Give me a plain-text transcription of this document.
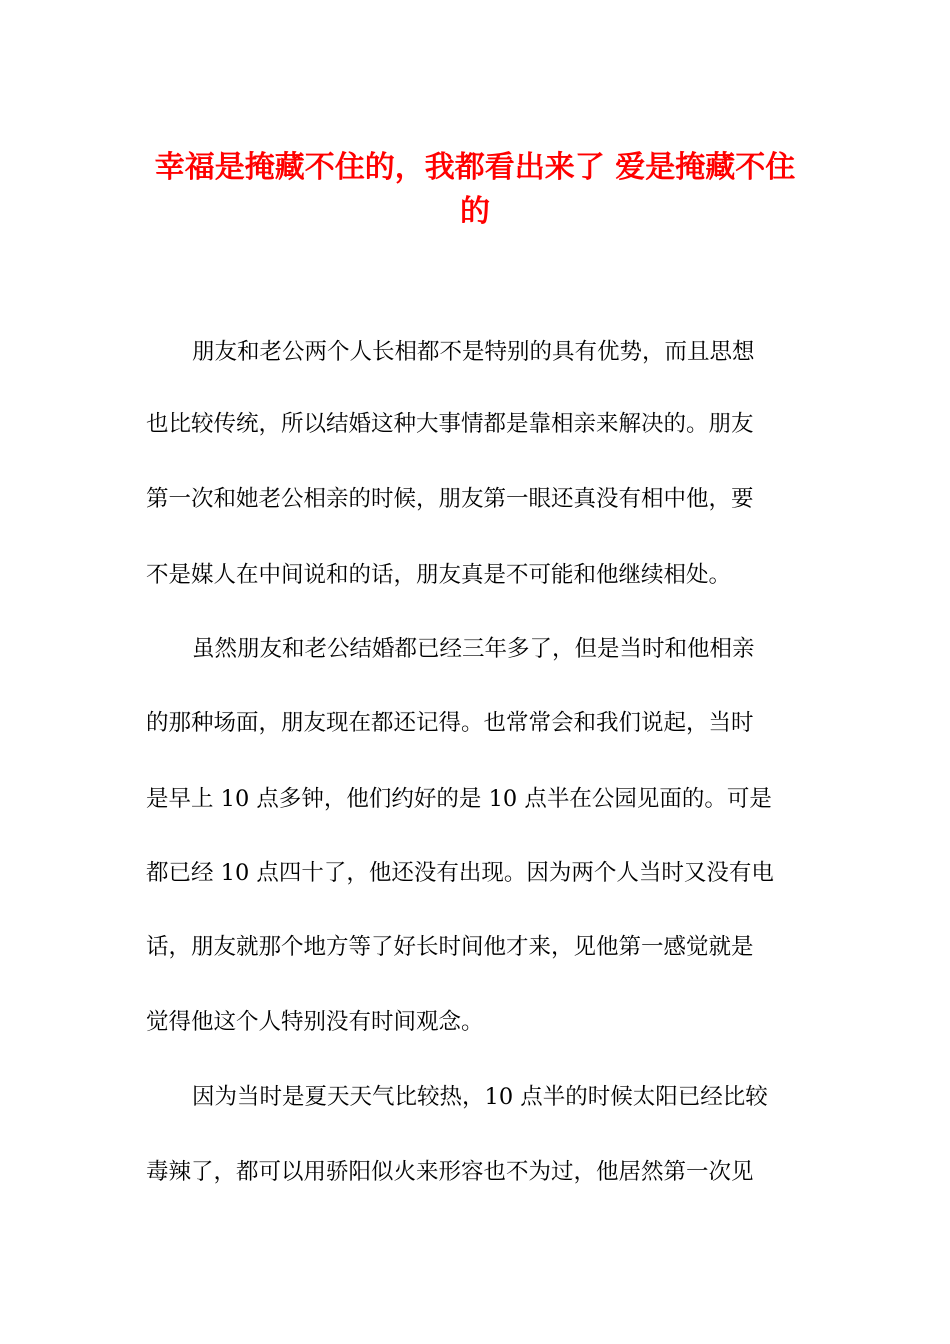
幸福是掩藏不住的，我都看出来了 爱是掩藏不住的

朋友和老公两个人长相都不是特别的具有优势，而且思想

也比较传统，所以结婚这种大事情都是靠相亲来解决的。朋友

第一次和她老公相亲的时候，朋友第一眼还真没有相中他，要

不是媒人在中间说和的话，朋友真是不可能和他继续相处。

虽然朋友和老公结婚都已经三年多了，但是当时和他相亲

的那种场面，朋友现在都还记得。也常常会和我们说起，当时

是早上 10 点多钟，他们约好的是 10 点半在公园见面的。可是

都已经 10 点四十了，他还没有出现。因为两个人当时又没有电

话，朋友就那个地方等了好长时间他才来，见他第一感觉就是

觉得他这个人特别没有时间观念。

因为当时是夏天天气比较热，10 点半的时候太阳已经比较

毒辣了，都可以用骄阳似火来形容也不为过，他居然第一次见
